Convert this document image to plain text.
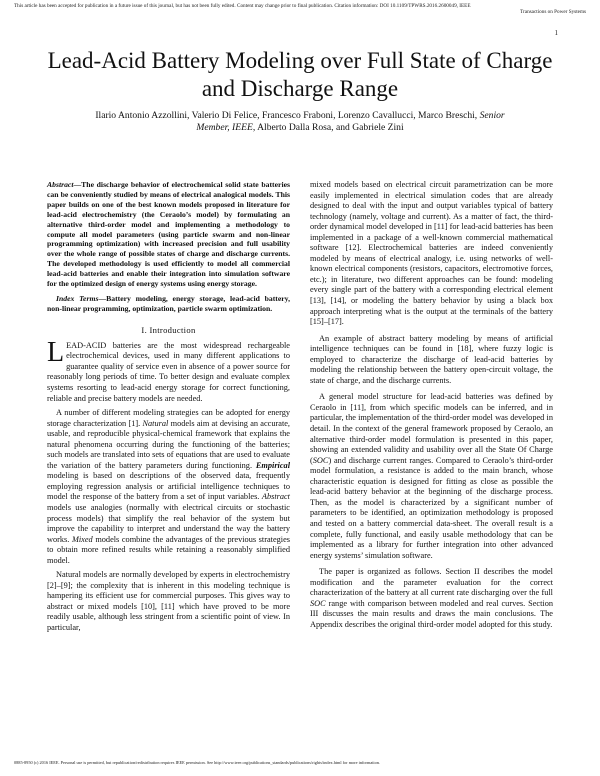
This article has been accepted for publication in a future issue of this journal, but has not been fully edited. Content may change prior to final publication. Citation information: DOI 10.1109/TPWRS.2016.2600049, IEEE
Transactions on Power Systems
1
Lead-Acid Battery Modeling over Full State of Charge and Discharge Range
Ilario Antonio Azzollini, Valerio Di Felice, Francesco Fraboni, Lorenzo Cavallucci, Marco Breschi, Senior
Member, IEEE, Alberto Dalla Rosa, and Gabriele Zini

Abstract—The discharge behavior of electrochemical solid state batteries can be conveniently studied by means of electrical analogical models. This paper builds on one of the best known models proposed in literature for lead-acid electrochemistry (the Ceraolo’s model) by formulating an alternative third-order model and implementing a methodology to compute all model parameters (using particle swarm and non-linear programming optimization) with increased precision and full usability over the whole range of possible states of charge and discharge currents. The developed methodology is used efficiently to model all commercial lead-acid batteries and enable their integration into simulation software for the optimized design of energy systems using energy storage.

Index Terms—Battery modeling, energy storage, lead-acid battery, non-linear programming, optimization, particle swarm optimization.

I. Introduction

LEAD-ACID batteries are the most widespread rechargeable electrochemical devices, used in many different applications to guarantee quality of service even in absence of a power source for reasonably long periods of time. To better design and evaluate complex systems resorting to lead-acid energy storage for correct functioning, reliable and precise battery models are needed.

A number of different modeling strategies can be adopted for energy storage characterization [1]. Natural models aim at devising an accurate, usable, and reproducible physical-chemical framework that explains the natural phenomena occurring during the functioning of the batteries; such models are translated into sets of equations that are used to evaluate the variation of the battery parameters during functioning. Empirical modeling is based on descriptions of the observed data, frequently employing regression analysis or artificial intelligence techniques to model the response of the battery from a set of input variables. Abstract models use analogies (normally with electrical circuits or stochastic process models) that simplify the real behavior of the system but improve the capability to interpret and understand the way the battery works. Mixed models combine the advantages of the previous strategies to obtain more refined results while retaining a reasonably simplified model.

Natural models are normally developed by experts in electrochemistry [2]–[9]; the complexity that is inherent in this modeling technique is hampering its efficient use for commercial purposes. This gives way to abstract or mixed models [10], [11] which have proved to be more readily usable, although less stringent from a scientific point of view. In particular,

mixed models based on electrical circuit parametrization can be more easily implemented in electrical simulation codes that are already designed to deal with the input and output variables typical of battery technology (namely, voltage and current). As a matter of fact, the third-order dynamical model developed in [11] for lead-acid batteries has been implemented in a package of a well-known commercial mathematical software [12]. Electrochemical batteries are indeed conveniently modeled by means of electrical analogy, i.e. using networks of well-known electrical components (resistors, capacitors, electromotive forces, etc.); in literature, two different approaches can be found: modeling every single part of the battery with a corresponding electrical element [13], [14], or modeling the battery behavior by using a black box approach interpreting what is the output at the terminals of the battery [15]–[17].

An example of abstract battery modeling by means of artificial intelligence techniques can be found in [18], where fuzzy logic is employed to characterize the discharge of lead-acid batteries by modeling the relationship between the battery open-circuit voltage, the state of charge, and the discharge currents.

A general model structure for lead-acid batteries was defined by Ceraolo in [11], from which specific models can be inferred, and in particular, the implementation of the third-order model was developed in detail. In the context of the general framework proposed by Ceraolo, an alternative third-order model formulation is presented in this paper, showing an extended validity and usability over all the State Of Charge (SOC) and discharge current ranges. Compared to Ceraolo’s third-order model formulation, a resistance is added to the main branch, whose characteristic equation is designed for fitting as close as possible the lead-acid battery behavior at the beginning of the discharge process. Then, as the model is characterized by a significant number of parameters to be identified, an optimization methodology is proposed and tested on a battery commercial data-sheet. The overall result is a complete, fully functional, and easily usable methodology that can be implemented as a library for further integration into other advanced energy systems’ simulation software.

The paper is organized as follows. Section II describes the model modification and the parameter evaluation for the correct characterization of the battery at all current rate discharging over the full SOC range with comparison between modeled and real curves. Section III discusses the main results and draws the main conclusions. The Appendix describes the original third-order model adopted for this study.

0885-8950 (c) 2016 IEEE. Personal use is permitted, but republication/redistribution requires IEEE permission. See http://www.ieee.org/publications_standards/publications/rights/index.html for more information.
